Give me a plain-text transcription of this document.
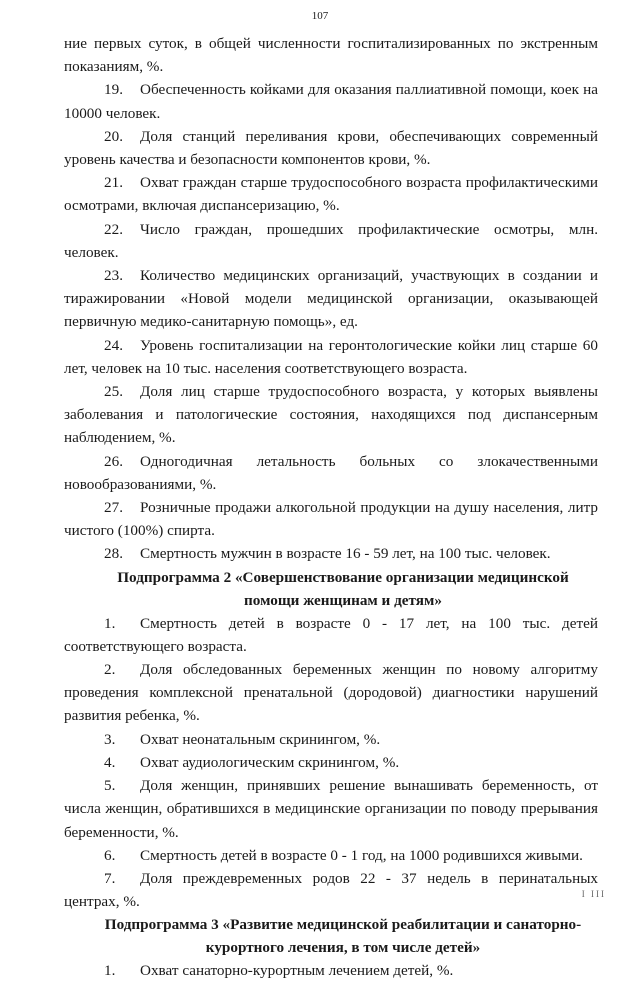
107

ние первых суток, в общей численности госпитализированных по экстренным показаниям, %.

19. Обеспеченность койками для оказания паллиативной помощи, коек на 10000 человек.

20. Доля станций переливания крови, обеспечивающих современный уровень качества и безопасности компонентов крови, %.

21. Охват граждан старше трудоспособного возраста профилактическими осмотрами, включая диспансеризацию, %.

22. Число граждан, прошедших профилактические осмотры, млн. человек.

23. Количество медицинских организаций, участвующих в создании и тиражировании «Новой модели медицинской организации, оказывающей первичную медико-санитарную помощь», ед.

24. Уровень госпитализации на геронтологические койки лиц старше 60 лет, человек на 10 тыс. населения соответствующего возраста.

25. Доля лиц старше трудоспособного возраста, у которых выявлены заболевания и патологические состояния, находящихся под диспансерным наблюдением, %.

26. Одногодичная летальность больных со злокачественными новообразованиями, %.

27. Розничные продажи алкогольной продукции на душу населения, литр чистого (100%) спирта.

28. Смертность мужчин в возрасте 16 - 59 лет, на 100 тыс. человек.

Подпрограмма 2 «Совершенствование организации медицинской помощи женщинам и детям»

1. Смертность детей в возрасте 0 - 17 лет, на 100 тыс. детей соответствующего возраста.

2. Доля обследованных беременных женщин по новому алгоритму проведения комплексной пренатальной (дородовой) диагностики нарушений развития ребенка, %.

3. Охват неонатальным скринингом, %.

4. Охват аудиологическим скринингом, %.

5. Доля женщин, принявших решение вынашивать беременность, от числа женщин, обратившихся в медицинские организации по поводу прерывания беременности, %.

6. Смертность детей в возрасте 0 - 1 год, на 1000 родившихся живыми.

7. Доля преждевременных родов 22 - 37 недель в перинатальных центрах, %.

Подпрограмма 3 «Развитие медицинской реабилитации и санаторно-курортного лечения, в том числе детей»

1. Охват санаторно-курортным лечением детей, %.

I III
